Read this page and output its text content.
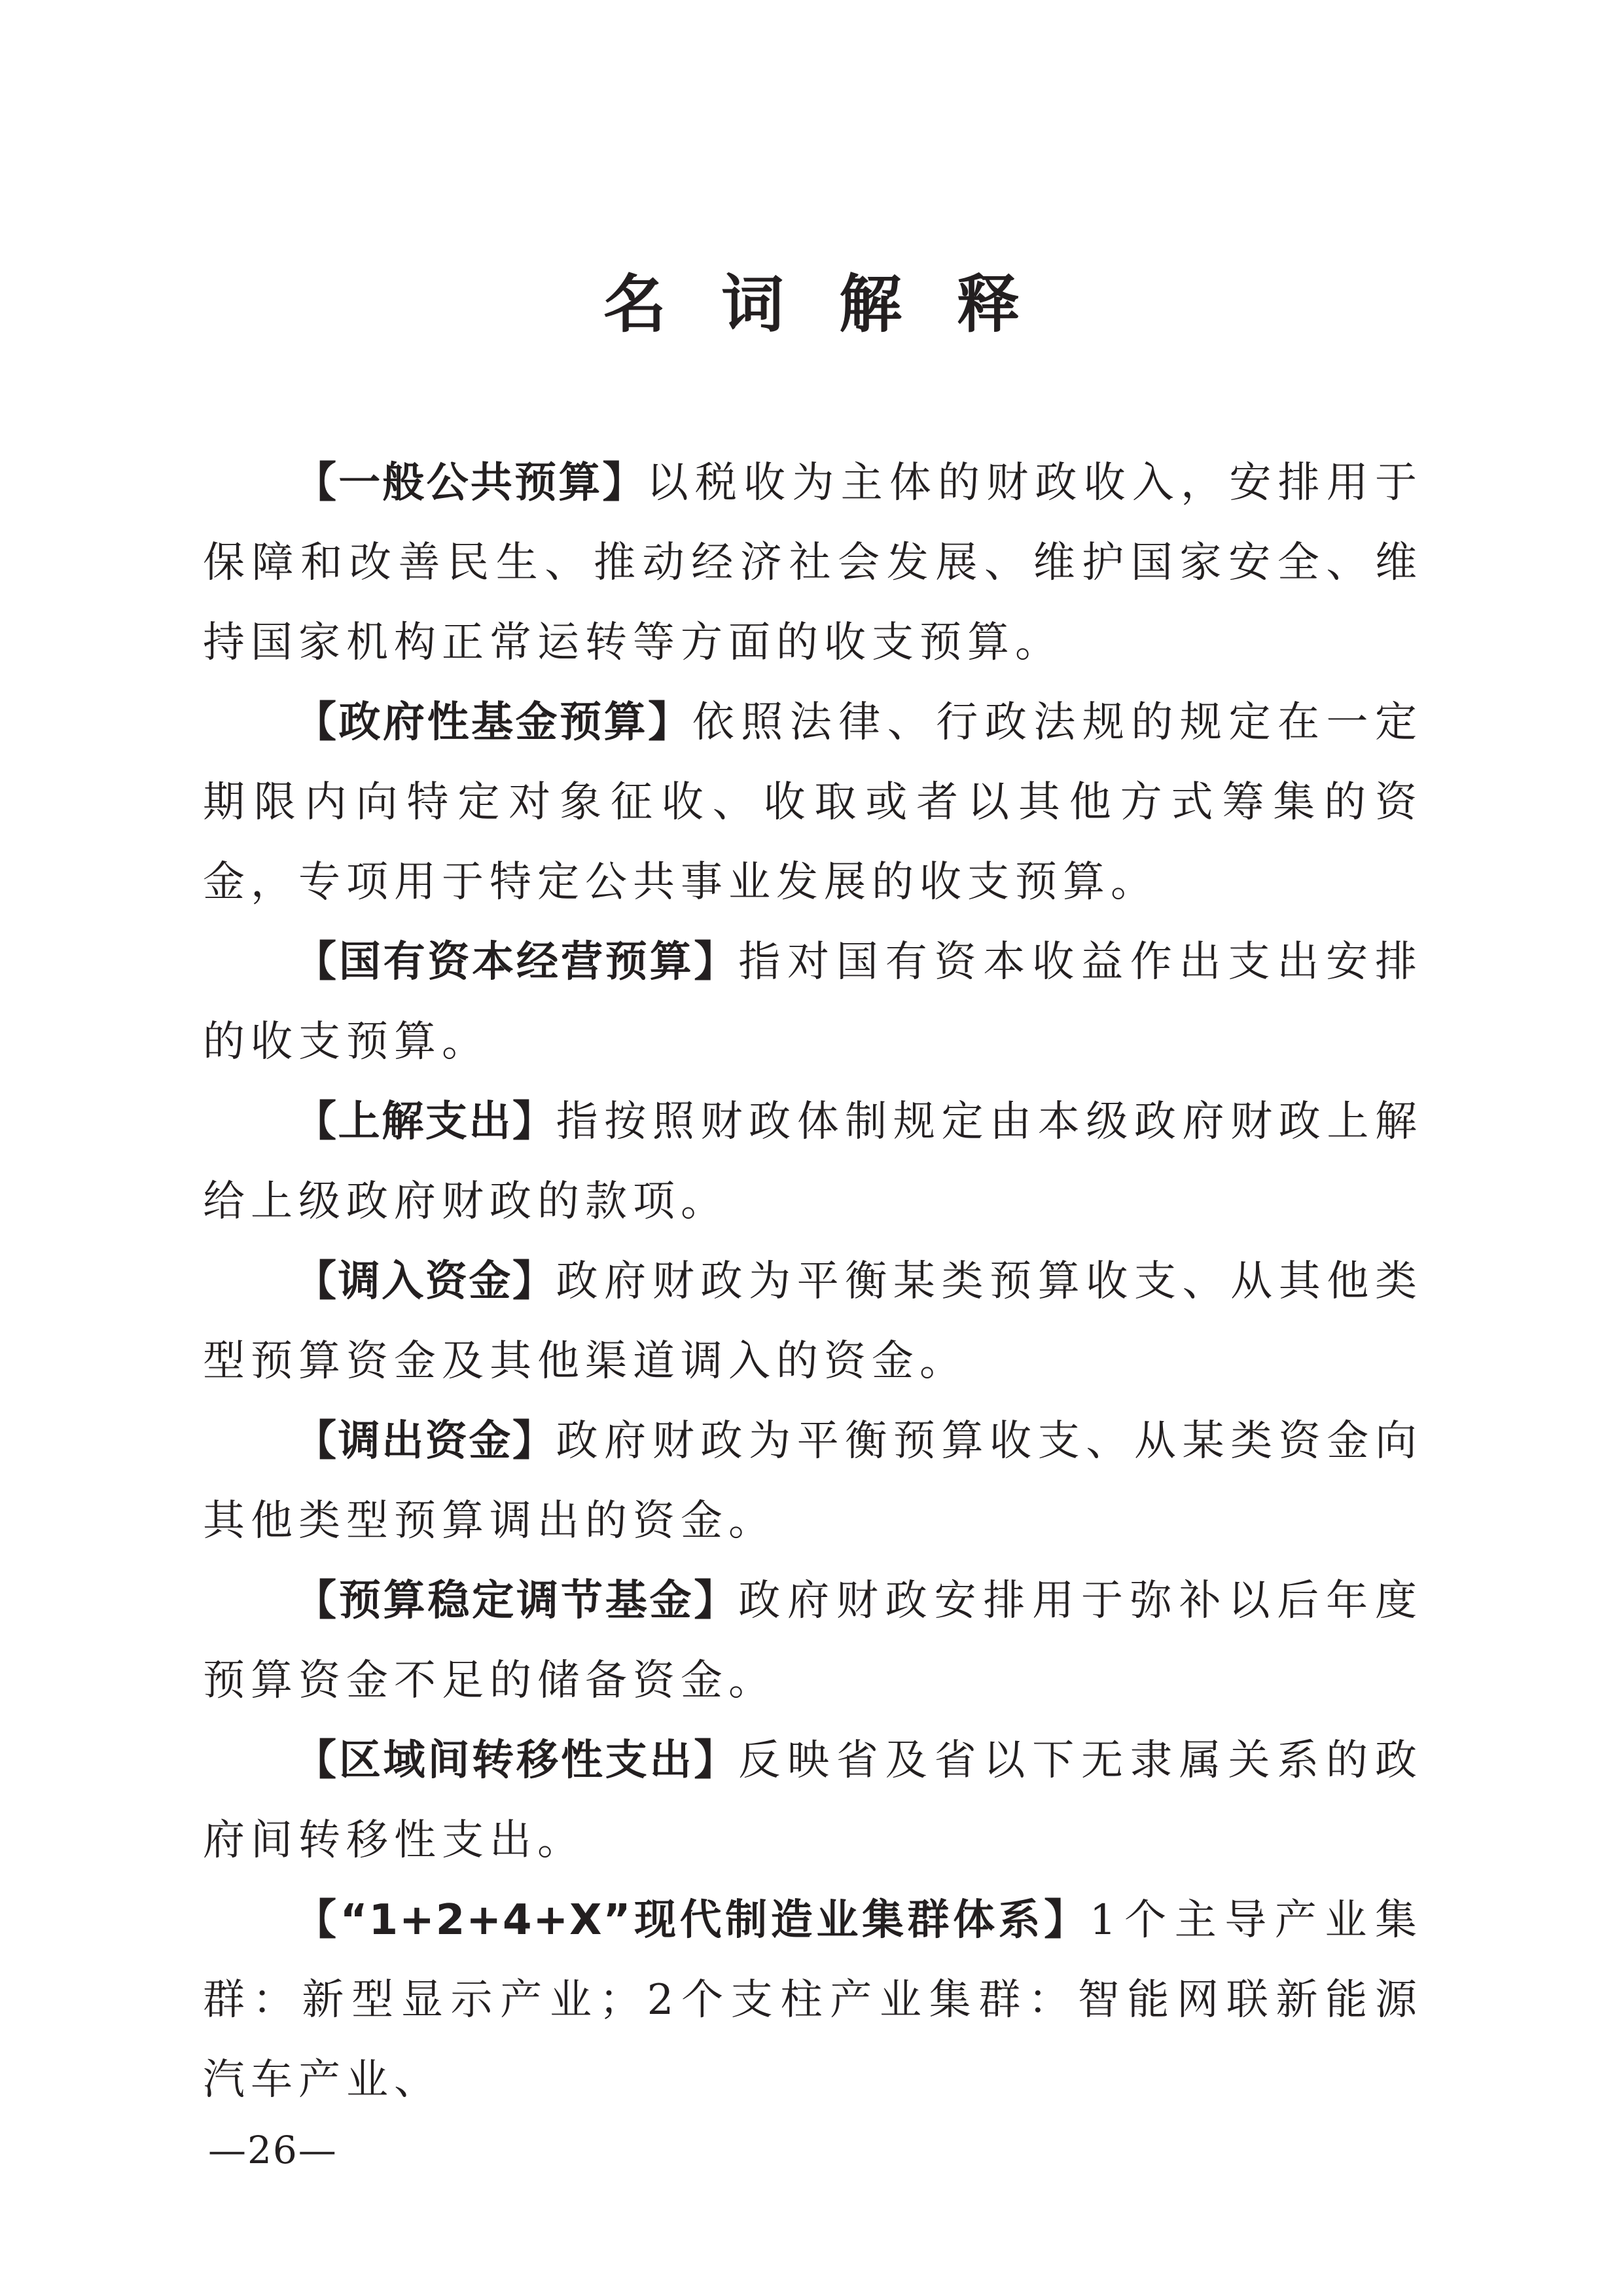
名词解释

【一般公共预算】以税收为主体的财政收入，安排用于保障和改善民生、推动经济社会发展、维护国家安全、维持国家机构正常运转等方面的收支预算。

【政府性基金预算】依照法律、行政法规的规定在一定期限内向特定对象征收、收取或者以其他方式筹集的资金，专项用于特定公共事业发展的收支预算。

【国有资本经营预算】指对国有资本收益作出支出安排的收支预算。

【上解支出】指按照财政体制规定由本级政府财政上解给上级政府财政的款项。

【调入资金】政府财政为平衡某类预算收支、从其他类型预算资金及其他渠道调入的资金。

【调出资金】政府财政为平衡预算收支、从某类资金向其他类型预算调出的资金。

【预算稳定调节基金】政府财政安排用于弥补以后年度预算资金不足的储备资金。

【区域间转移性支出】反映省及省以下无隶属关系的政府间转移性支出。

【“1+2+4+X”现代制造业集群体系】1个主导产业集群：新型显示产业；2个支柱产业集群：智能网联新能源汽车产业、

—26—
